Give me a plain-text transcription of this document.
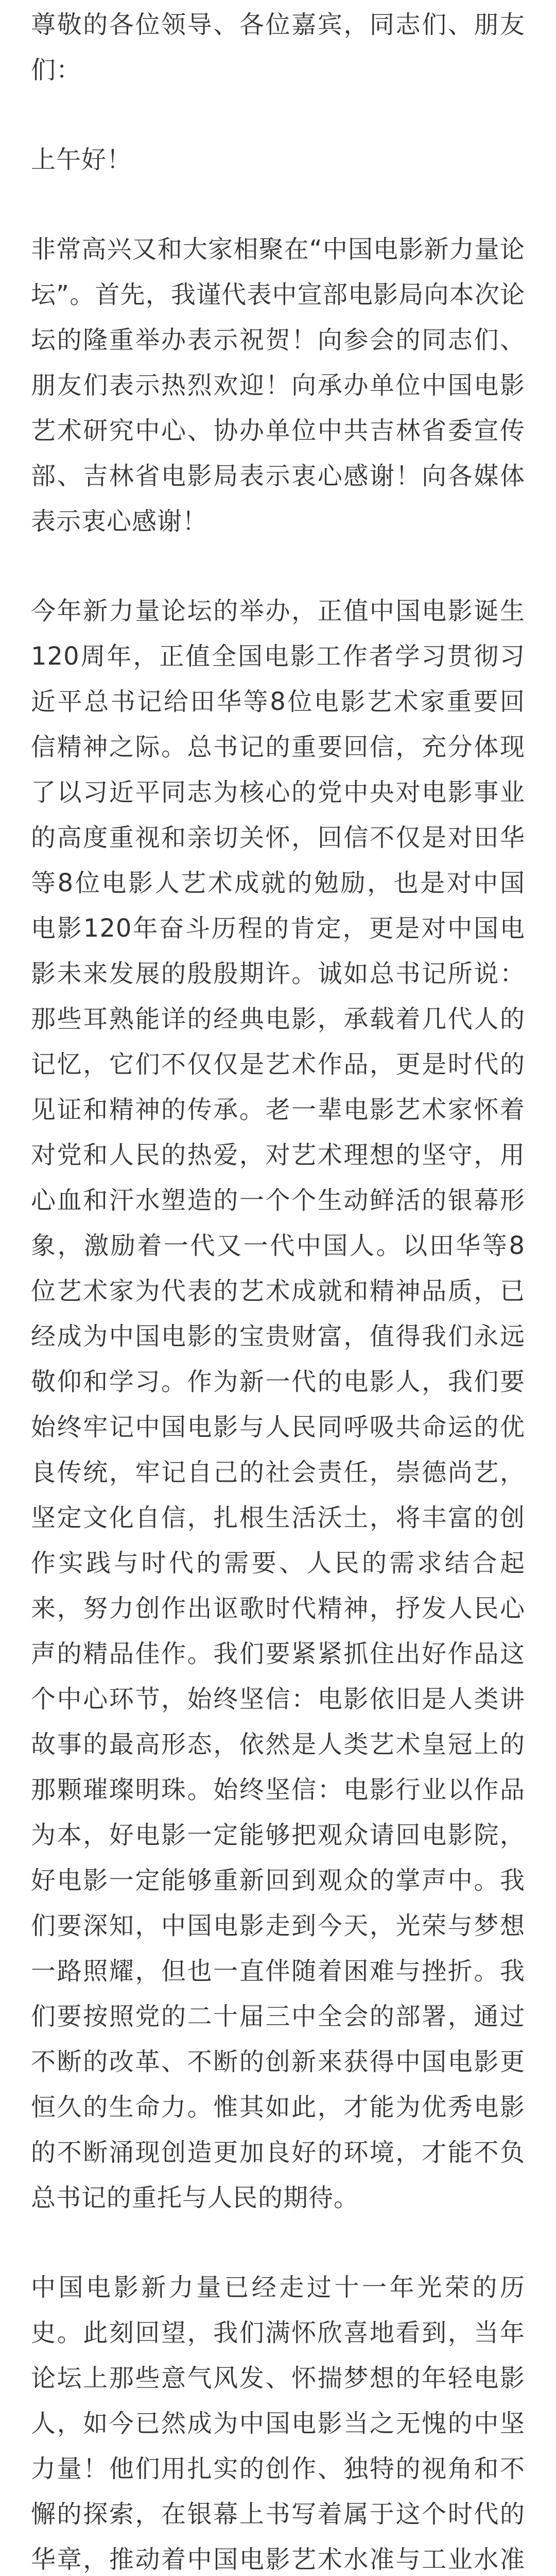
尊敬的各位领导、各位嘉宾，同志们、朋友们：

上午好！

非常高兴又和大家相聚在“中国电影新力量论坛”。首先，我谨代表中宣部电影局向本次论坛的隆重举办表示祝贺！向参会的同志们、朋友们表示热烈欢迎！向承办单位中国电影艺术研究中心、协办单位中共吉林省委宣传部、吉林省电影局表示衷心感谢！向各媒体表示衷心感谢！

今年新力量论坛的举办，正值中国电影诞生120周年，正值全国电影工作者学习贯彻习近平总书记给田华等8位电影艺术家重要回信精神之际。总书记的重要回信，充分体现了以习近平同志为核心的党中央对电影事业的高度重视和亲切关怀，回信不仅是对田华等8位电影人艺术成就的勉励，也是对中国电影120年奋斗历程的肯定，更是对中国电影未来发展的殷殷期许。诚如总书记所说：那些耳熟能详的经典电影，承载着几代人的记忆，它们不仅仅是艺术作品，更是时代的见证和精神的传承。老一辈电影艺术家怀着对党和人民的热爱，对艺术理想的坚守，用心血和汗水塑造的一个个生动鲜活的银幕形象，激励着一代又一代中国人。以田华等8位艺术家为代表的艺术成就和精神品质，已经成为中国电影的宝贵财富，值得我们永远敬仰和学习。作为新一代的电影人，我们要始终牢记中国电影与人民同呼吸共命运的优良传统，牢记自己的社会责任，崇德尚艺，坚定文化自信，扎根生活沃土，将丰富的创作实践与时代的需要、人民的需求结合起来，努力创作出讴歌时代精神，抒发人民心声的精品佳作。我们要紧紧抓住出好作品这个中心环节，始终坚信：电影依旧是人类讲故事的最高形态，依然是人类艺术皇冠上的那颗璀璨明珠。始终坚信：电影行业以作品为本，好电影一定能够把观众请回电影院，好电影一定能够重新回到观众的掌声中。我们要深知，中国电影走到今天，光荣与梦想一路照耀，但也一直伴随着困难与挫折。我们要按照党的二十届三中全会的部署，通过不断的改革、不断的创新来获得中国电影更恒久的生命力。惟其如此，才能为优秀电影的不断涌现创造更加良好的环境，才能不负总书记的重托与人民的期待。

中国电影新力量已经走过十一年光荣的历史。此刻回望，我们满怀欣喜地看到，当年论坛上那些意气风发、怀揣梦想的年轻电影人，如今已然成为中国电影当之无愧的中坚力量！他们用扎实的创作、独特的视角和不懈的探索，在银幕上书写着属于这个时代的华章，推动着中国电影艺术水准与工业水准
